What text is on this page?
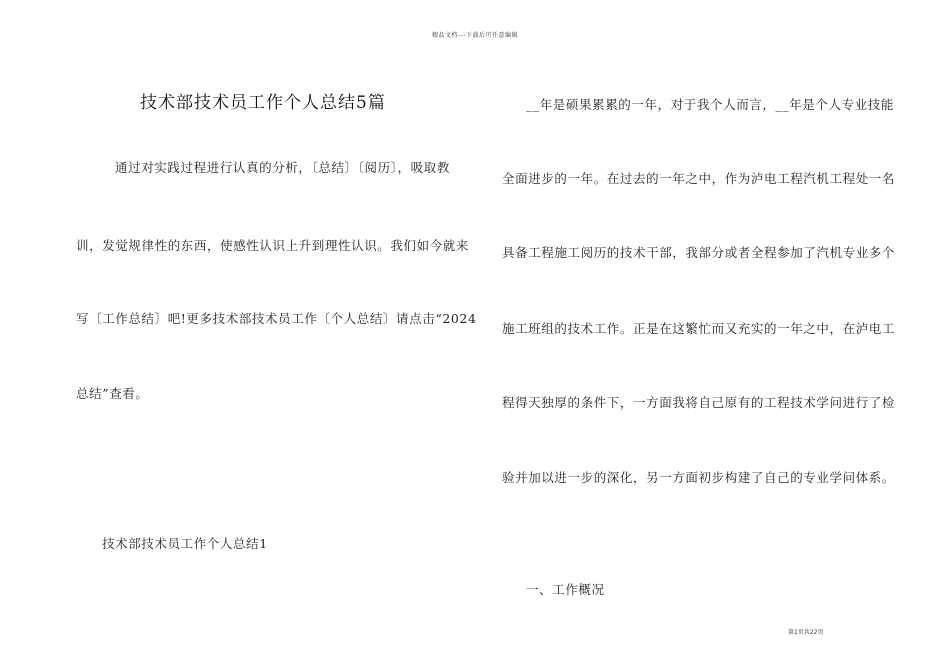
精品文档---下载后可任意编辑
技术部技术员工作个人总结5篇
通过对实践过程进行认真的分析，〔总结〕〔阅历〕，吸取教
训，发觉规律性的东西，使感性认识上升到理性认识。我们如今就来
写〔工作总结〕吧!更多技术部技术员工作〔个人总结〕请点击“2024
总结”查看。
技术部技术员工作个人总结1
__年是硕果累累的一年，对于我个人而言，__年是个人专业技能
全面进步的一年。在过去的一年之中，作为泸电工程汽机工程处一名
具备工程施工阅历的技术干部，我部分或者全程参加了汽机专业多个
施工班组的技术工作。正是在这繁忙而又充实的一年之中，在泸电工
程得天独厚的条件下，一方面我将自己原有的工程技术学问进行了检
验并加以进一步的深化，另一方面初步构建了自己的专业学问体系。
一、工作概况
第1页共22页
